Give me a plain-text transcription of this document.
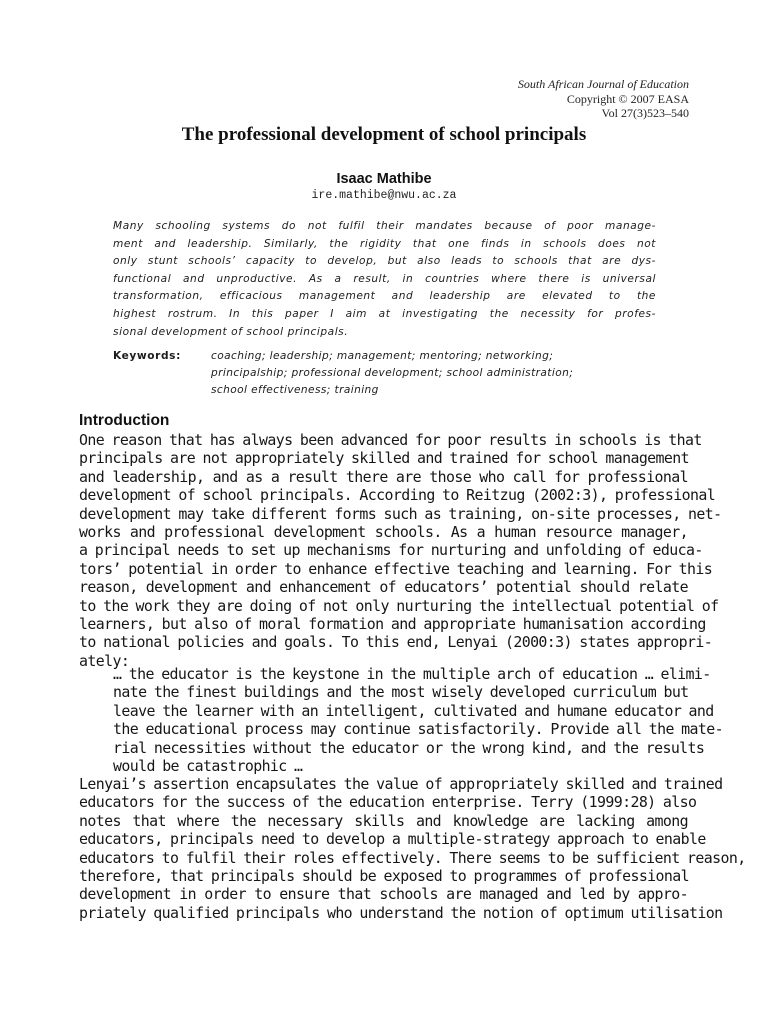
South African Journal of Education
Copyright © 2007 EASA
Vol 27(3)523–540
The professional development of school principals
Isaac Mathibe
ire.mathibe@nwu.ac.za
Many schooling systems do not fulfil their mandates because of poor manage-
ment and leadership. Similarly, the rigidity that one finds in schools does not
only stunt schools’ capacity to develop, but also leads to schools that are dys-
functional and unproductive. As a result, in countries where there is universal
transformation, efficacious management and leadership are elevated to the
highest rostrum. In this paper I aim at investigating the necessity for profes-
sional development of school principals.
Keywords:	coaching; leadership; management; mentoring; networking;
principalship; professional development; school administration;
school effectiveness; training
Introduction
One reason that has always been advanced for poor results in schools is that
principals are not appropriately skilled and trained for school management
and leadership, and as a result there are those who call for professional
development of school principals. According to Reitzug (2002:3), professional
development may take different forms such as training, on-site processes, net-
works and professional development schools. As a human resource manager,
a principal needs to set up mechanisms for nurturing and unfolding of educa-
tors’ potential in order to enhance effective teaching and learning. For this
reason, development and enhancement of educators’ potential should relate
to the work they are doing of not only nurturing the intellectual potential of
learners, but also of moral formation and appropriate humanisation according
to national policies and goals. To this end, Lenyai (2000:3) states appropri-
ately:
… the educator is the keystone in the multiple arch of education … elimi-
nate the finest buildings and the most wisely developed curriculum but
leave the learner with an intelligent, cultivated and humane educator and
the educational process may continue satisfactorily. Provide all the mate-
rial necessities without the educator or the wrong kind, and the results
would be catastrophic …
Lenyai’s assertion encapsulates the value of appropriately skilled and trained
educators for the success of the education enterprise. Terry (1999:28) also
notes that where the necessary skills and knowledge are lacking among
educators, principals need to develop a multiple-strategy approach to enable
educators to fulfil their roles effectively. There seems to be sufficient reason,
therefore, that principals should be exposed to programmes of professional
development in order to ensure that schools are managed and led by appro-
priately qualified principals who understand the notion of optimum utilisation
